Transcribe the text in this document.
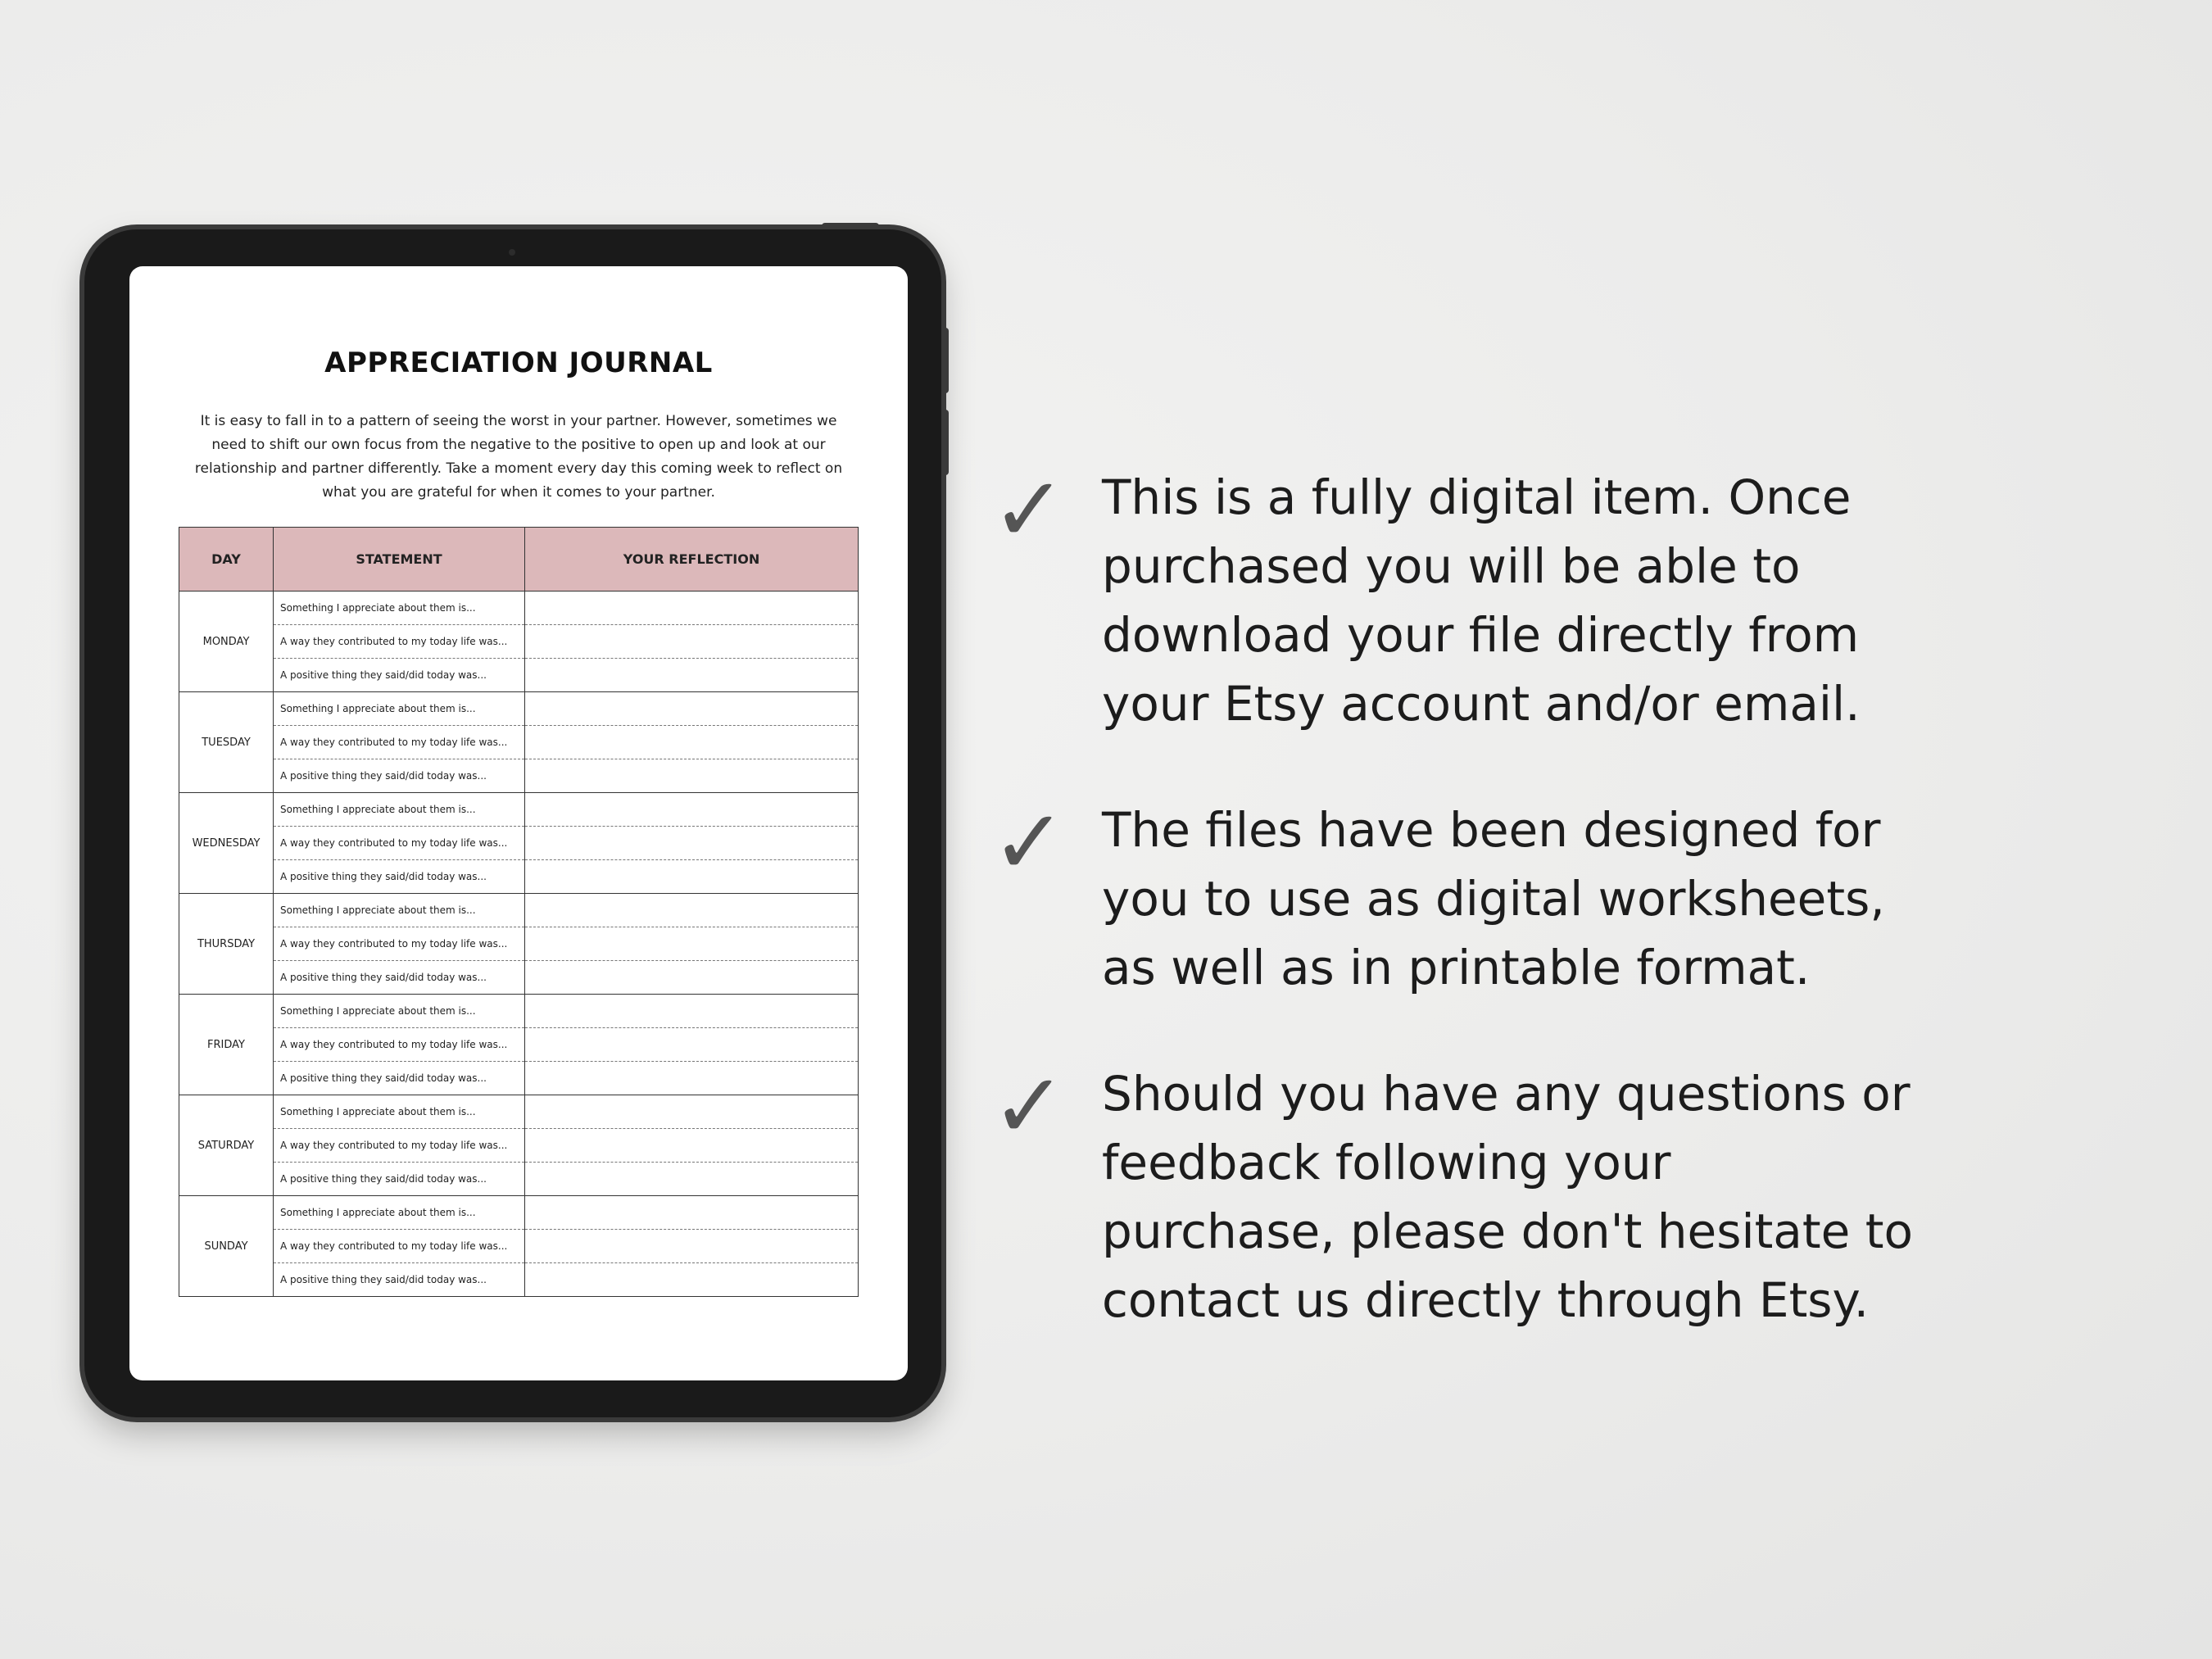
APPRECIATION JOURNAL
It is easy to fall in to a pattern of seeing the worst in your partner. However, sometimes we need to shift our own focus from the negative to the positive to open up and look at our relationship and partner differently. Take a moment every day this coming week to reflect on what you are grateful for when it comes to your partner.
DAY	STATEMENT	YOUR REFLECTION
MONDAY	Something I appreciate about them is...	
	A way they contributed to my today life was...	
	A positive thing they said/did today was...	
TUESDAY	Something I appreciate about them is...	
	A way they contributed to my today life was...	
	A positive thing they said/did today was...	
WEDNESDAY	Something I appreciate about them is...	
	A way they contributed to my today life was...	
	A positive thing they said/did today was...	
THURSDAY	Something I appreciate about them is...	
	A way they contributed to my today life was...	
	A positive thing they said/did today was...	
FRIDAY	Something I appreciate about them is...	
	A way they contributed to my today life was...	
	A positive thing they said/did today was...	
SATURDAY	Something I appreciate about them is...	
	A way they contributed to my today life was...	
	A positive thing they said/did today was...	
SUNDAY	Something I appreciate about them is...	
	A way they contributed to my today life was...	
	A positive thing they said/did today was...	
✓ This is a fully digital item. Once
purchased you will be able to
download your file directly from
your Etsy account and/or email.
✓ The files have been designed for
you to use as digital worksheets,
as well as in printable format.
✓ Should you have any questions or
feedback following your
purchase, please don't hesitate to
contact us directly through Etsy.
